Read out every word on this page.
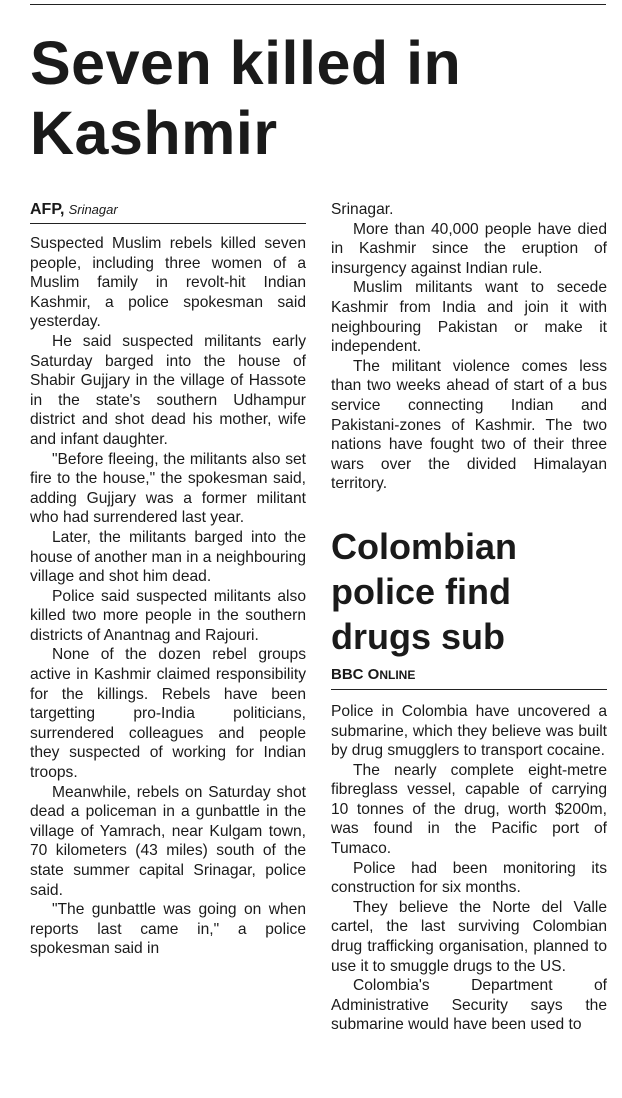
Seven killed in Kashmir
AFP, Srinagar

Suspected Muslim rebels killed seven people, including three women of a Muslim family in revolt-hit Indian Kashmir, a police spokesman said yesterday.

He said suspected militants early Saturday barged into the house of Shabir Gujjary in the village of Hassote in the state's southern Udhampur district and shot dead his mother, wife and infant daughter.

"Before fleeing, the militants also set fire to the house," the spokesman said, adding Gujjary was a former militant who had surrendered last year.

Later, the militants barged into the house of another man in a neighbouring village and shot him dead.

Police said suspected militants also killed two more people in the southern districts of Anantnag and Rajouri.

None of the dozen rebel groups active in Kashmir claimed responsibility for the killings. Rebels have been targetting pro-India politicians, surrendered colleagues and people they suspected of working for Indian troops.

Meanwhile, rebels on Saturday shot dead a policeman in a gunbattle in the village of Yamrach, near Kulgam town, 70 kilometers (43 miles) south of the state summer capital Srinagar, police said.

"The gunbattle was going on when reports last came in," a police spokesman said in

Srinagar.

More than 40,000 people have died in Kashmir since the eruption of insurgency against Indian rule.

Muslim militants want to secede Kashmir from India and join it with neighbouring Pakistan or make it independent.

The militant violence comes less than two weeks ahead of start of a bus service connecting Indian and Pakistani-zones of Kashmir. The two nations have fought two of their three wars over the divided Himalayan territory.

Colombian police find drugs sub
BBC ONLINE

Police in Colombia have uncovered a submarine, which they believe was built by drug smugglers to transport cocaine.

The nearly complete eight-metre fibreglass vessel, capable of carrying 10 tonnes of the drug, worth $200m, was found in the Pacific port of Tumaco.

Police had been monitoring its construction for six months.

They believe the Norte del Valle cartel, the last surviving Colombian drug trafficking organisation, planned to use it to smuggle drugs to the US.

Colombia's Department of Administrative Security says the submarine would have been used to
